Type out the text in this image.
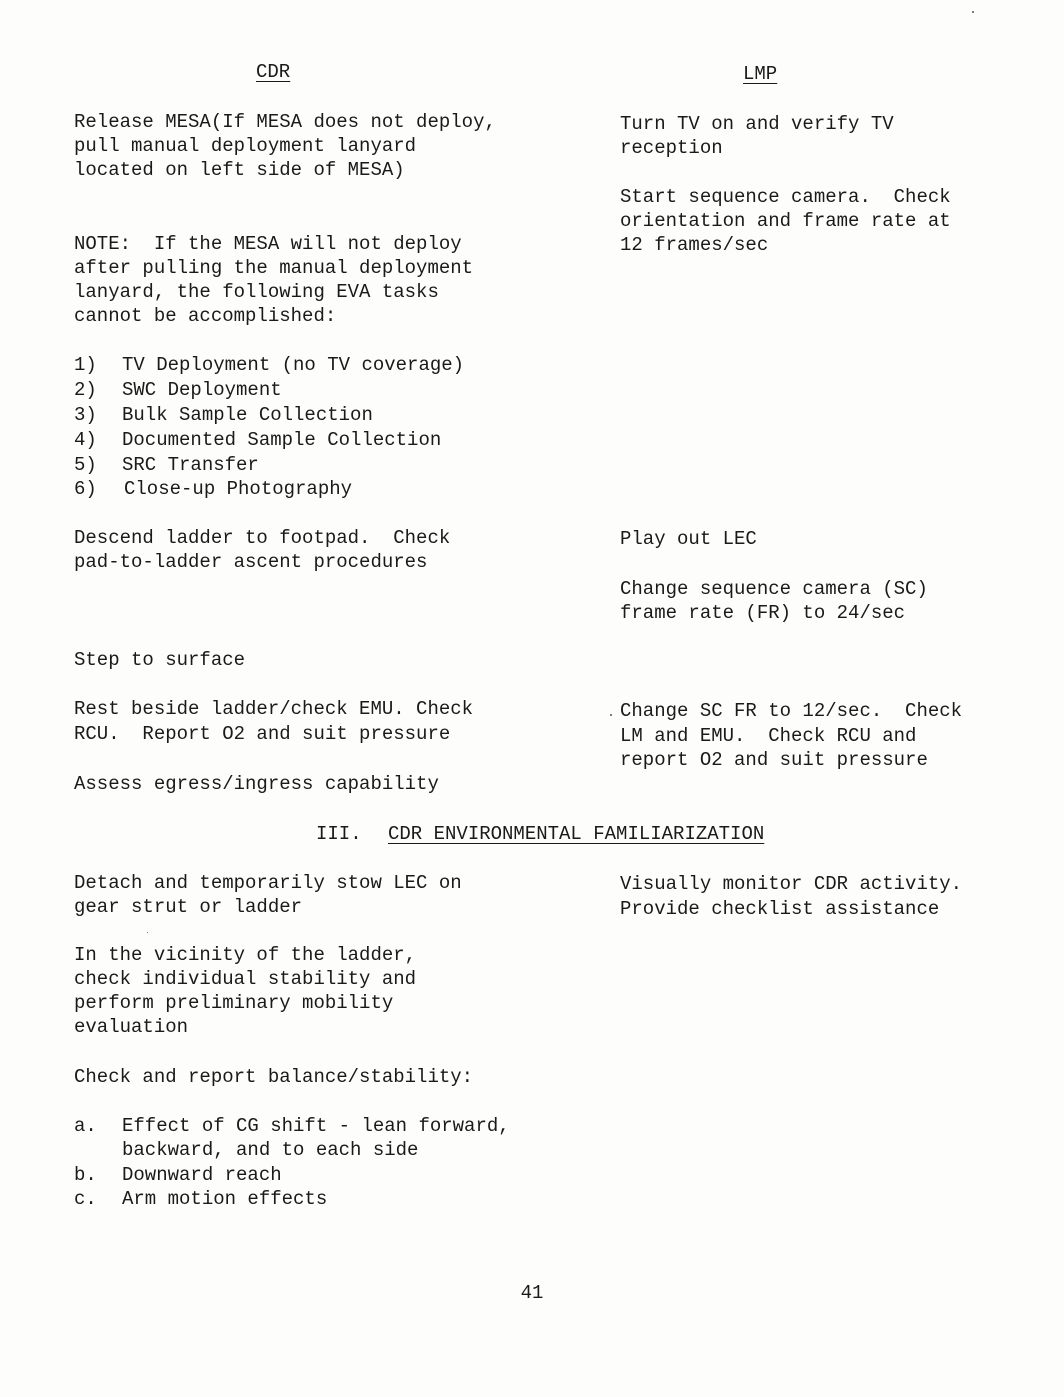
CDR	LMP

Release MESA(If MESA does not deploy,

pull manual deployment lanyard

located on left side of MESA)

Turn TV on and verify TV

reception

Start sequence camera.  Check

orientation and frame rate at

12 frames/sec

NOTE:  If the MESA will not deploy

after pulling the manual deployment

lanyard, the following EVA tasks

cannot be accomplished:

1) TV Deployment (no TV coverage)

2) SWC Deployment

3) Bulk Sample Collection

4) Documented Sample Collection

5) SRC Transfer

6) Close-up Photography

Descend ladder to footpad.  Check

pad-to-ladder ascent procedures

Play out LEC

Change sequence camera (SC)

frame rate (FR) to 24/sec

Step to surface

Rest beside ladder/check EMU. Check

RCU.  Report O2 and suit pressure

Change SC FR to 12/sec.  Check

LM and EMU.  Check RCU and

report O2 and suit pressure

Assess egress/ingress capability

III. CDR ENVIRONMENTAL FAMILIARIZATION

Detach and temporarily stow LEC on

gear strut or ladder

Visually monitor CDR activity.

Provide checklist assistance

In the vicinity of the ladder,

check individual stability and

perform preliminary mobility

evaluation

Check and report balance/stability:

a. Effect of CG shift - lean forward,

backward, and to each side

b. Downward reach

c. Arm motion effects

41
